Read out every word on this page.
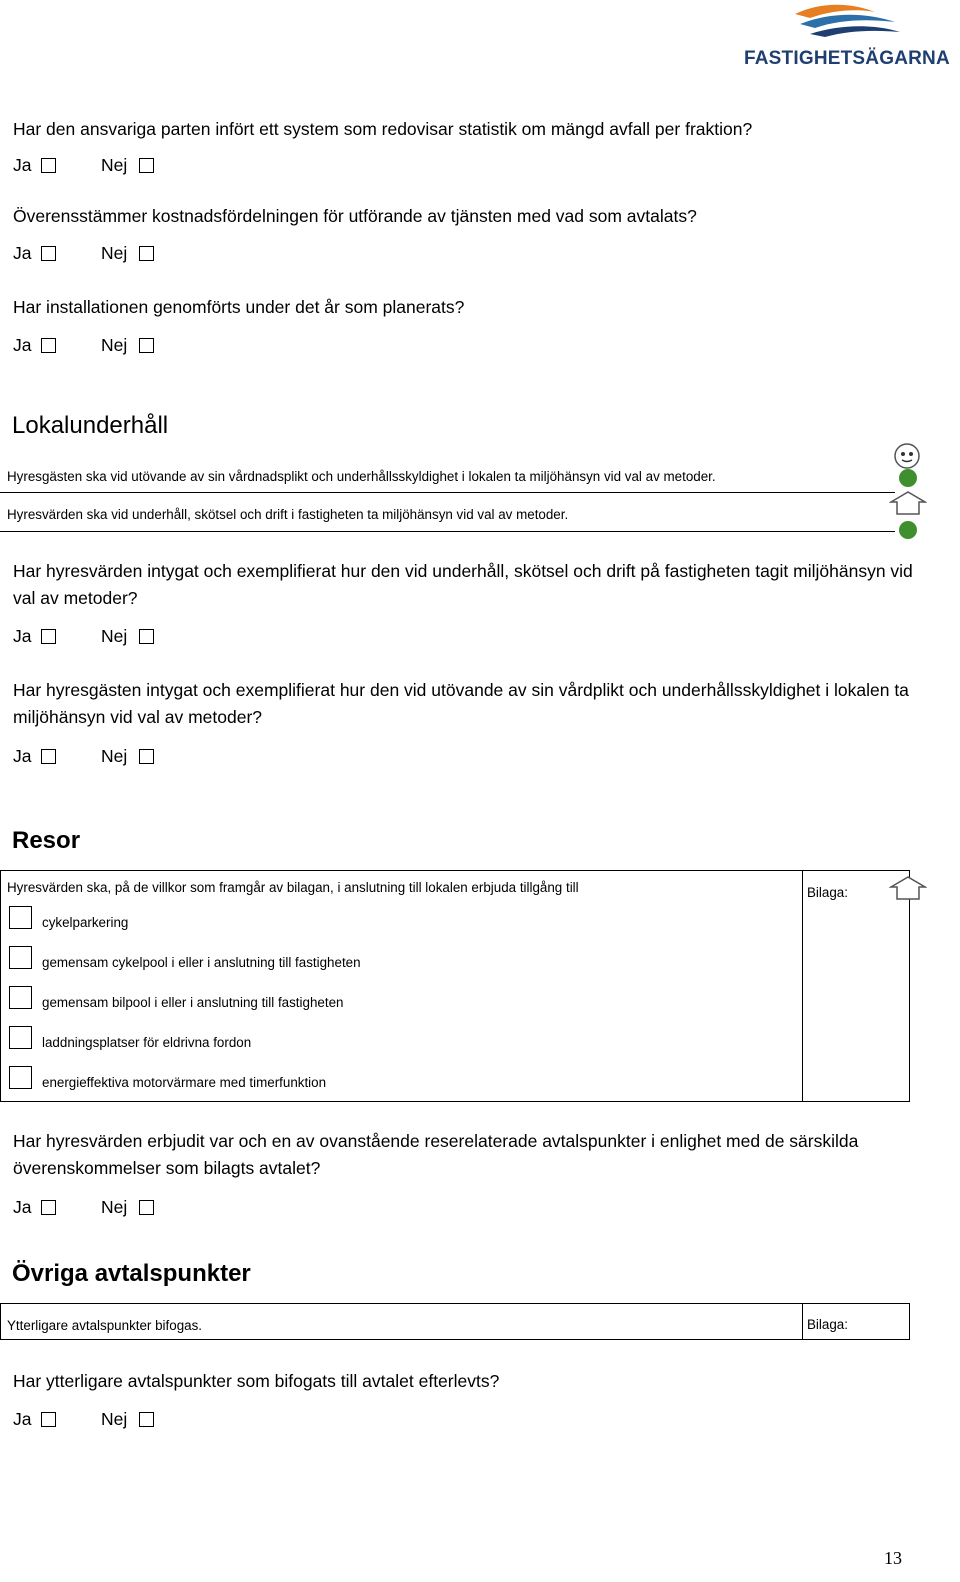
FASTIGHETSÄGARNA
Har den ansvariga parten infört ett system som redovisar statistik om mängd avfall per fraktion?
Ja	Nej
Överensstämmer kostnadsfördelningen för utförande av tjänsten med vad som avtalats?
Ja	Nej
Har installationen genomförts under det år som planerats?
Ja	Nej
Lokalunderhåll
Hyresgästen ska vid utövande av sin vårdnadsplikt och underhållsskyldighet i lokalen ta miljöhänsyn vid val av metoder.
Hyresvärden ska vid underhåll, skötsel och drift i fastigheten ta miljöhänsyn vid val av metoder.
Har hyresvärden intygat och exemplifierat hur den vid underhåll, skötsel och drift på fastigheten tagit miljöhänsyn vid val av metoder?
Ja	Nej
Har hyresgästen intygat och exemplifierat hur den vid utövande av sin vårdplikt och underhållsskyldighet i lokalen ta miljöhänsyn vid val av metoder?
Ja	Nej
Resor
Hyresvärden ska, på de villkor som framgår av bilagan, i anslutning till lokalen erbjuda tillgång till	Bilaga:
cykelparkering
gemensam cykelpool i eller i anslutning till fastigheten
gemensam bilpool i eller i anslutning till fastigheten
laddningsplatser för eldrivna fordon
energieffektiva motorvärmare med timerfunktion
Har hyresvärden erbjudit var och en av ovanstående reserelaterade avtalspunkter i enlighet med de särskilda överenskommelser som bilagts avtalet?
Ja	Nej
Övriga avtalspunkter
Ytterligare avtalspunkter bifogas.	Bilaga:
Har ytterligare avtalspunkter som bifogats till avtalet efterlevts?
Ja	Nej
13
